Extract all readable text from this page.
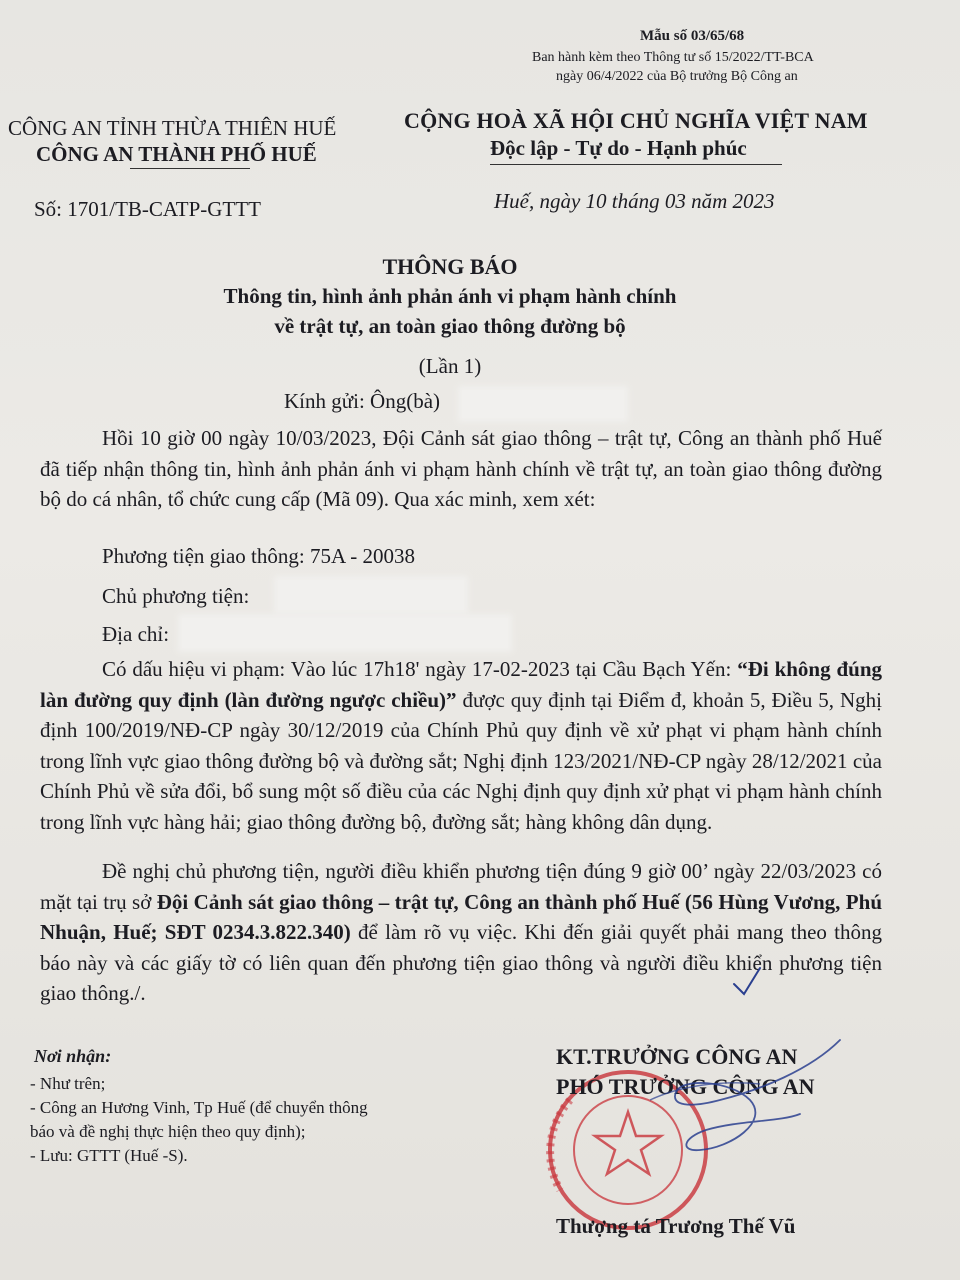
Mẫu số 03/65/68
Ban hành kèm theo Thông tư số 15/2022/TT-BCA
ngày 06/4/2022 của Bộ trưởng Bộ Công an
CÔNG AN TỈNH THỪA THIÊN HUẾ
CÔNG AN THÀNH PHỐ HUẾ
CỘNG HOÀ XÃ HỘI CHỦ NGHĨA VIỆT NAM
Độc lập - Tự do - Hạnh phúc
Số: 1701/TB-CATP-GTTT	Huế, ngày 10 tháng 03 năm 2023
THÔNG BÁO
Thông tin, hình ảnh phản ánh vi phạm hành chính
về trật tự, an toàn giao thông đường bộ
(Lần 1)
Kính gửi: Ông(bà)
Hồi 10 giờ 00 ngày 10/03/2023, Đội Cảnh sát giao thông – trật tự, Công an thành phố Huế đã tiếp nhận thông tin, hình ảnh phản ánh vi phạm hành chính về trật tự, an toàn giao thông đường bộ do cá nhân, tổ chức cung cấp (Mã 09). Qua xác minh, xem xét:
Phương tiện giao thông: 75A - 20038
Chủ phương tiện:
Địa chỉ:
Có dấu hiệu vi phạm: Vào lúc 17h18' ngày 17-02-2023 tại Cầu Bạch Yến: “Đi không đúng làn đường quy định (làn đường ngược chiều)” được quy định tại Điểm đ, khoản 5, Điều 5, Nghị định 100/2019/NĐ-CP ngày 30/12/2019 của Chính Phủ quy định về xử phạt vi phạm hành chính trong lĩnh vực giao thông đường bộ và đường sắt; Nghị định 123/2021/NĐ-CP ngày 28/12/2021 của Chính Phủ về sửa đổi, bổ sung một số điều của các Nghị định quy định xử phạt vi phạm hành chính trong lĩnh vực hàng hải; giao thông đường bộ, đường sắt; hàng không dân dụng.
Đề nghị chủ phương tiện, người điều khiển phương tiện đúng 9 giờ 00’ ngày 22/03/2023 có mặt tại trụ sở Đội Cảnh sát giao thông – trật tự, Công an thành phố Huế (56 Hùng Vương, Phú Nhuận, Huế; SĐT 0234.3.822.340) để làm rõ vụ việc. Khi đến giải quyết phải mang theo thông báo này và các giấy tờ có liên quan đến phương tiện giao thông và người điều khiển phương tiện giao thông./.
Nơi nhận:
- Như trên;
- Công an Hương Vinh, Tp Huế (để chuyển thông
báo và đề nghị thực hiện theo quy định);
- Lưu: GTTT (Huế -S).
KT.TRƯỞNG CÔNG AN
PHÓ TRƯỞNG CÔNG AN
Thượng tá Trương Thế Vũ
